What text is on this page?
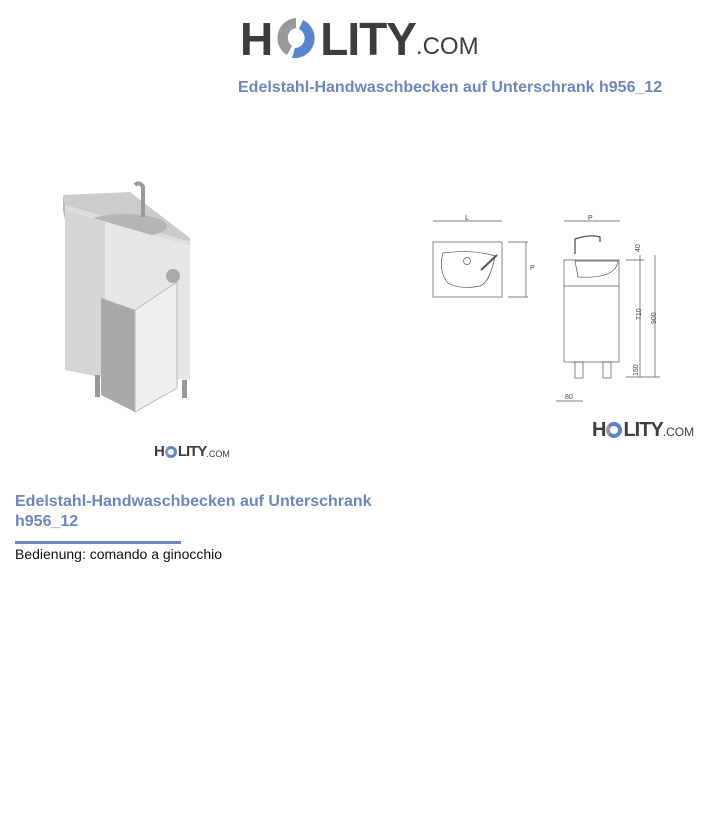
H LITY .COM
Edelstahl-Handwaschbecken auf Unterschrank h956_12
H LITY .COM
L
P
P
40
710 900
150
80
H LITY .COM
Edelstahl-Handwaschbecken auf Unterschrank
h956_12
Bedienung: comando a ginocchio
